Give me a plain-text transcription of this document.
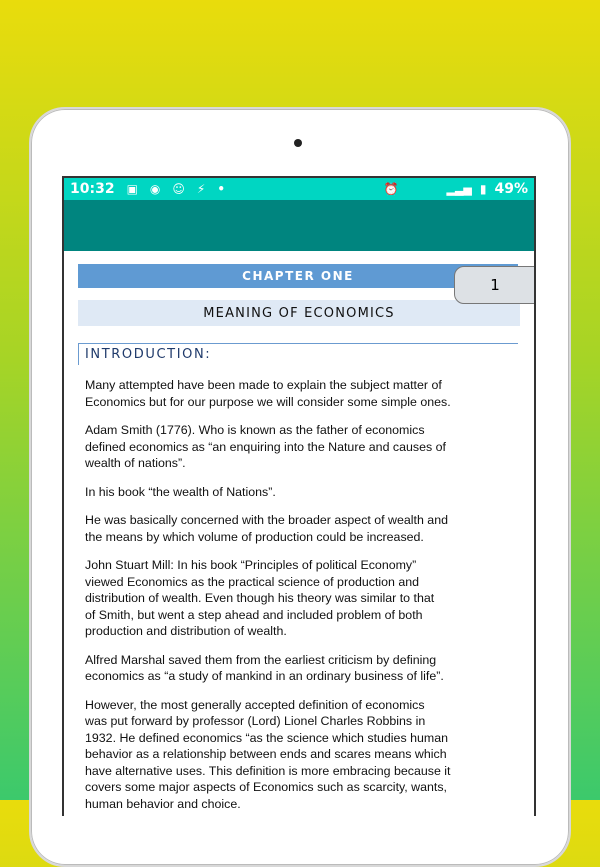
10:32 ▣ ◉ ☺ ⚡ •	⏰	▂▃▅ ▮ 49%
CHAPTER ONE	1
MEANING OF ECONOMICS
INTRODUCTION:
Many attempted have been made to explain the subject matter of
Economics but for our purpose we will consider some simple ones.
Adam Smith (1776). Who is known as the father of economics
defined economics as “an enquiring into the Nature and causes of
wealth of nations”.
In his book “the wealth of Nations”.
He was basically concerned with the broader aspect of wealth and
the means by which volume of production could be increased.
John Stuart Mill: In his book “Principles of political Economy”
viewed Economics as the practical science of production and
distribution of wealth. Even though his theory was similar to that
of Smith, but went a step ahead and included problem of both
production and distribution of wealth.
Alfred Marshal saved them from the earliest criticism by defining
economics as “a study of mankind in an ordinary business of life”.
However, the most generally accepted definition of economics
was put forward by professor (Lord) Lionel Charles Robbins in
1932. He defined economics “as the science which studies human
behavior as a relationship between ends and scares means which
have alternative uses. This definition is more embracing because it
covers some major aspects of Economics such as scarcity, wants,
human behavior and choice.
